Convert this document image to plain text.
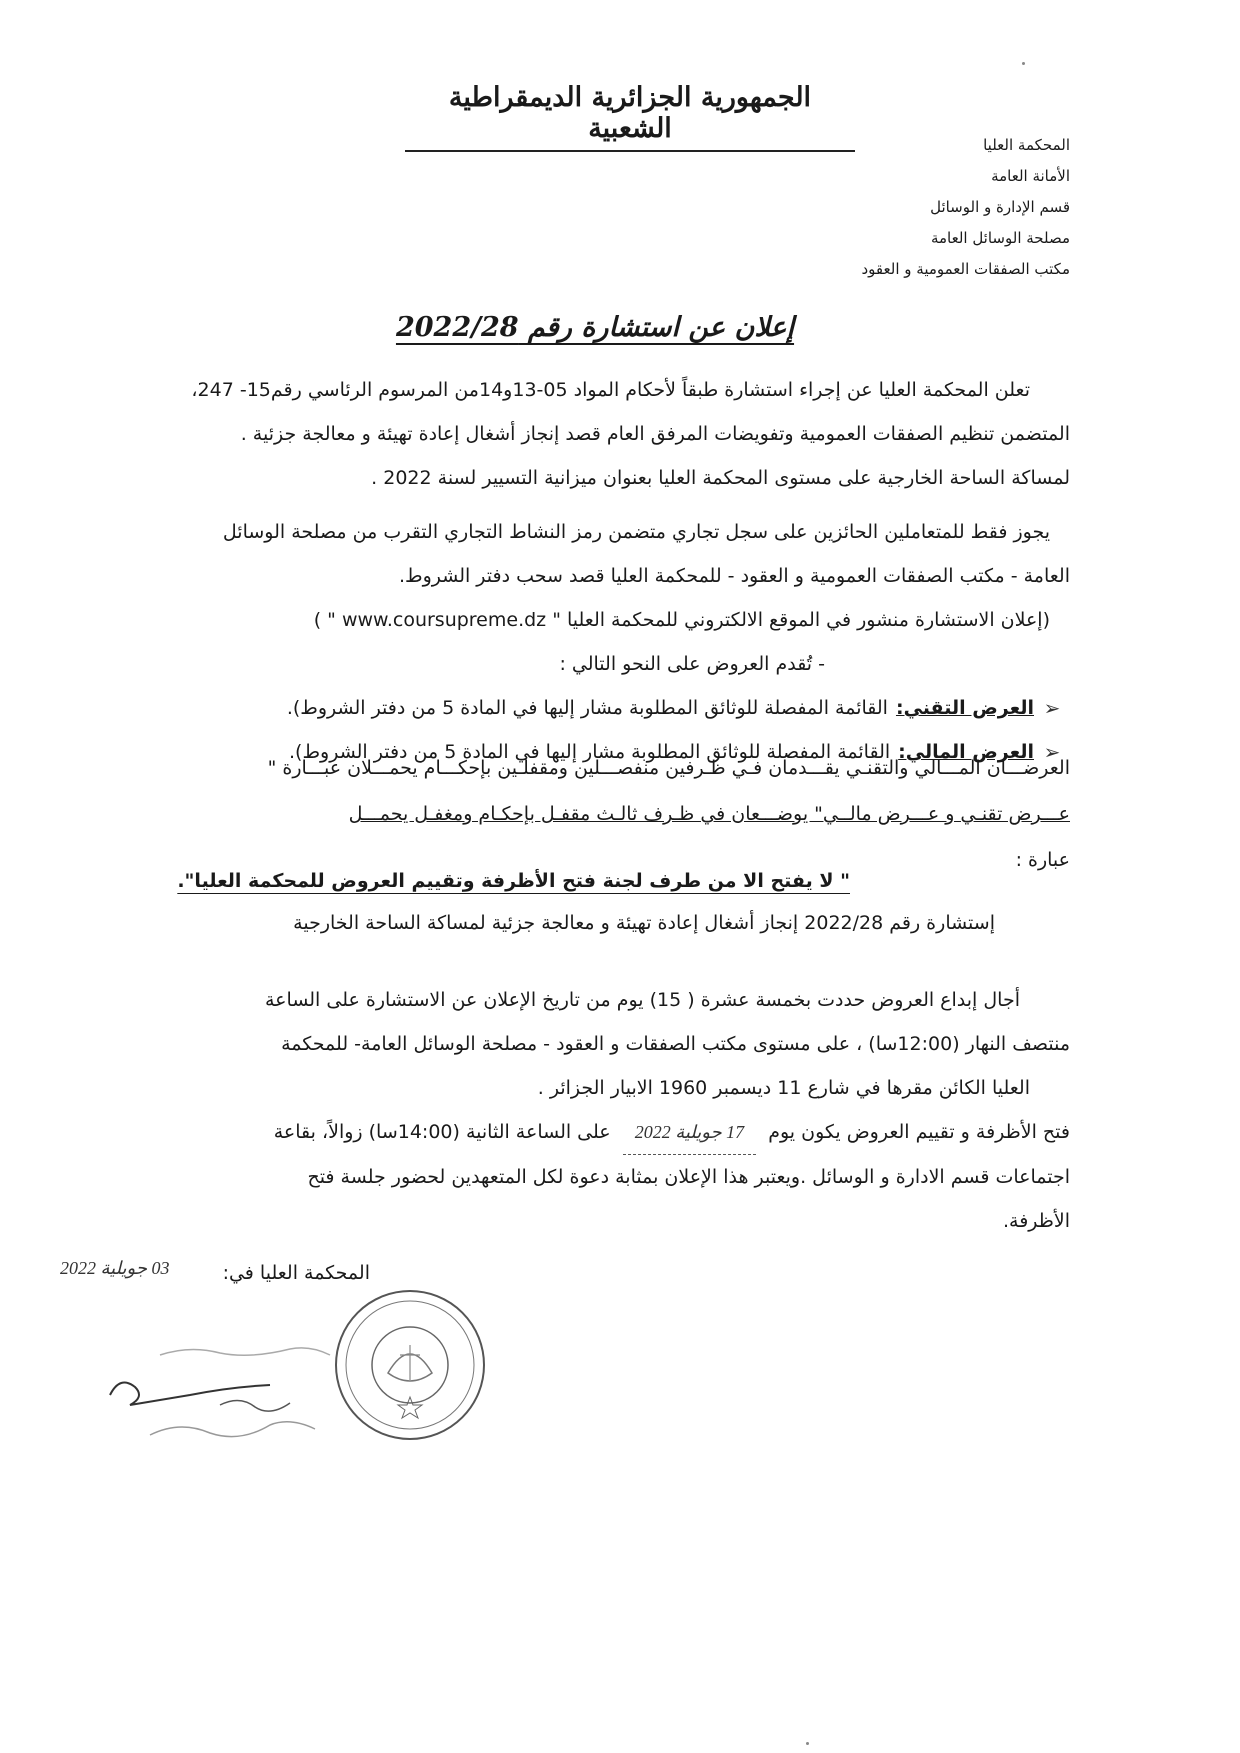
الجمهورية الجزائرية الديمقراطية الشعبية
المحكمة العليا
الأمانة العامة
قسم الإدارة و الوسائل
مصلحة الوسائل العامة
مكتب الصفقات العمومية و العقود
إعلان عن استشارة رقم 2022/28
تعلن المحكمة العليا عن إجراء استشارة طبقاً لأحكام المواد 05-13و14من المرسوم الرئاسي رقم15- 247،
المتضمن تنظيم الصفقات العمومية وتفويضات المرفق العام قصد إنجاز أشغال إعادة تهيئة و معالجة جزئية .
لمساكة الساحة الخارجية على مستوى المحكمة العليا بعنوان ميزانية التسيير لسنة 2022 .
يجوز فقط للمتعاملين الحائزين على سجل تجاري متضمن رمز النشاط التجاري التقرب من مصلحة الوسائل
العامة - مكتب الصفقات العمومية و العقود - للمحكمة العليا قصد سحب دفتر الشروط.
(إعلان الاستشارة منشور في الموقع الالكتروني للمحكمة العليا " www.coursupreme.dz " )
- تُقدم العروض على النحو التالي :
➢
العرض التقني:
القائمة المفصلة للوثائق المطلوبة مشار إليها في المادة 5 من دفتر الشروط).
➢
العرض المالي:
القائمة المفصلة للوثائق المطلوبة مشار إليها في المادة 5 من دفتر الشروط).
العرضـــان المـــالي والتقنـي يقـــدمان فـي ظـرفين منفصـــلين ومقفلـين بإحكـــام يحمـــلان عبـــارة "
عـــرض تقنـي و عـــرض مالــي" يوضـــعان في ظـرف ثالـث مقفـل بإحكـام ومغفـل يحمـــل
عبارة :
" لا يفتح الا من طرف لجنة فتح الأظرفة وتقييم العروض للمحكمة العليا".
إستشارة رقم 2022/28 إنجاز أشغال إعادة تهيئة و معالجة جزئية لمساكة الساحة الخارجية
أجال إبداع العروض حددت بخمسة عشرة ( 15) يوم من تاريخ الإعلان عن الاستشارة على الساعة
منتصف النهار (12:00سا) ، على مستوى مكتب الصفقات و العقود - مصلحة الوسائل العامة- للمحكمة
العليا الكائن مقرها في شارع 11 ديسمبر 1960 الابيار الجزائر .
فتح الأظرفة و تقييم العروض يكون يوم 17 جويلية 2022 على الساعة الثانية (14:00سا) زوالاً، بقاعة
اجتماعات قسم الادارة و الوسائل .ويعتبر هذا الإعلان بمثابة دعوة لكل المتعهدين لحضور جلسة فتح
الأظرفة.
المحكمة العليا في:
03 جويلية 2022
